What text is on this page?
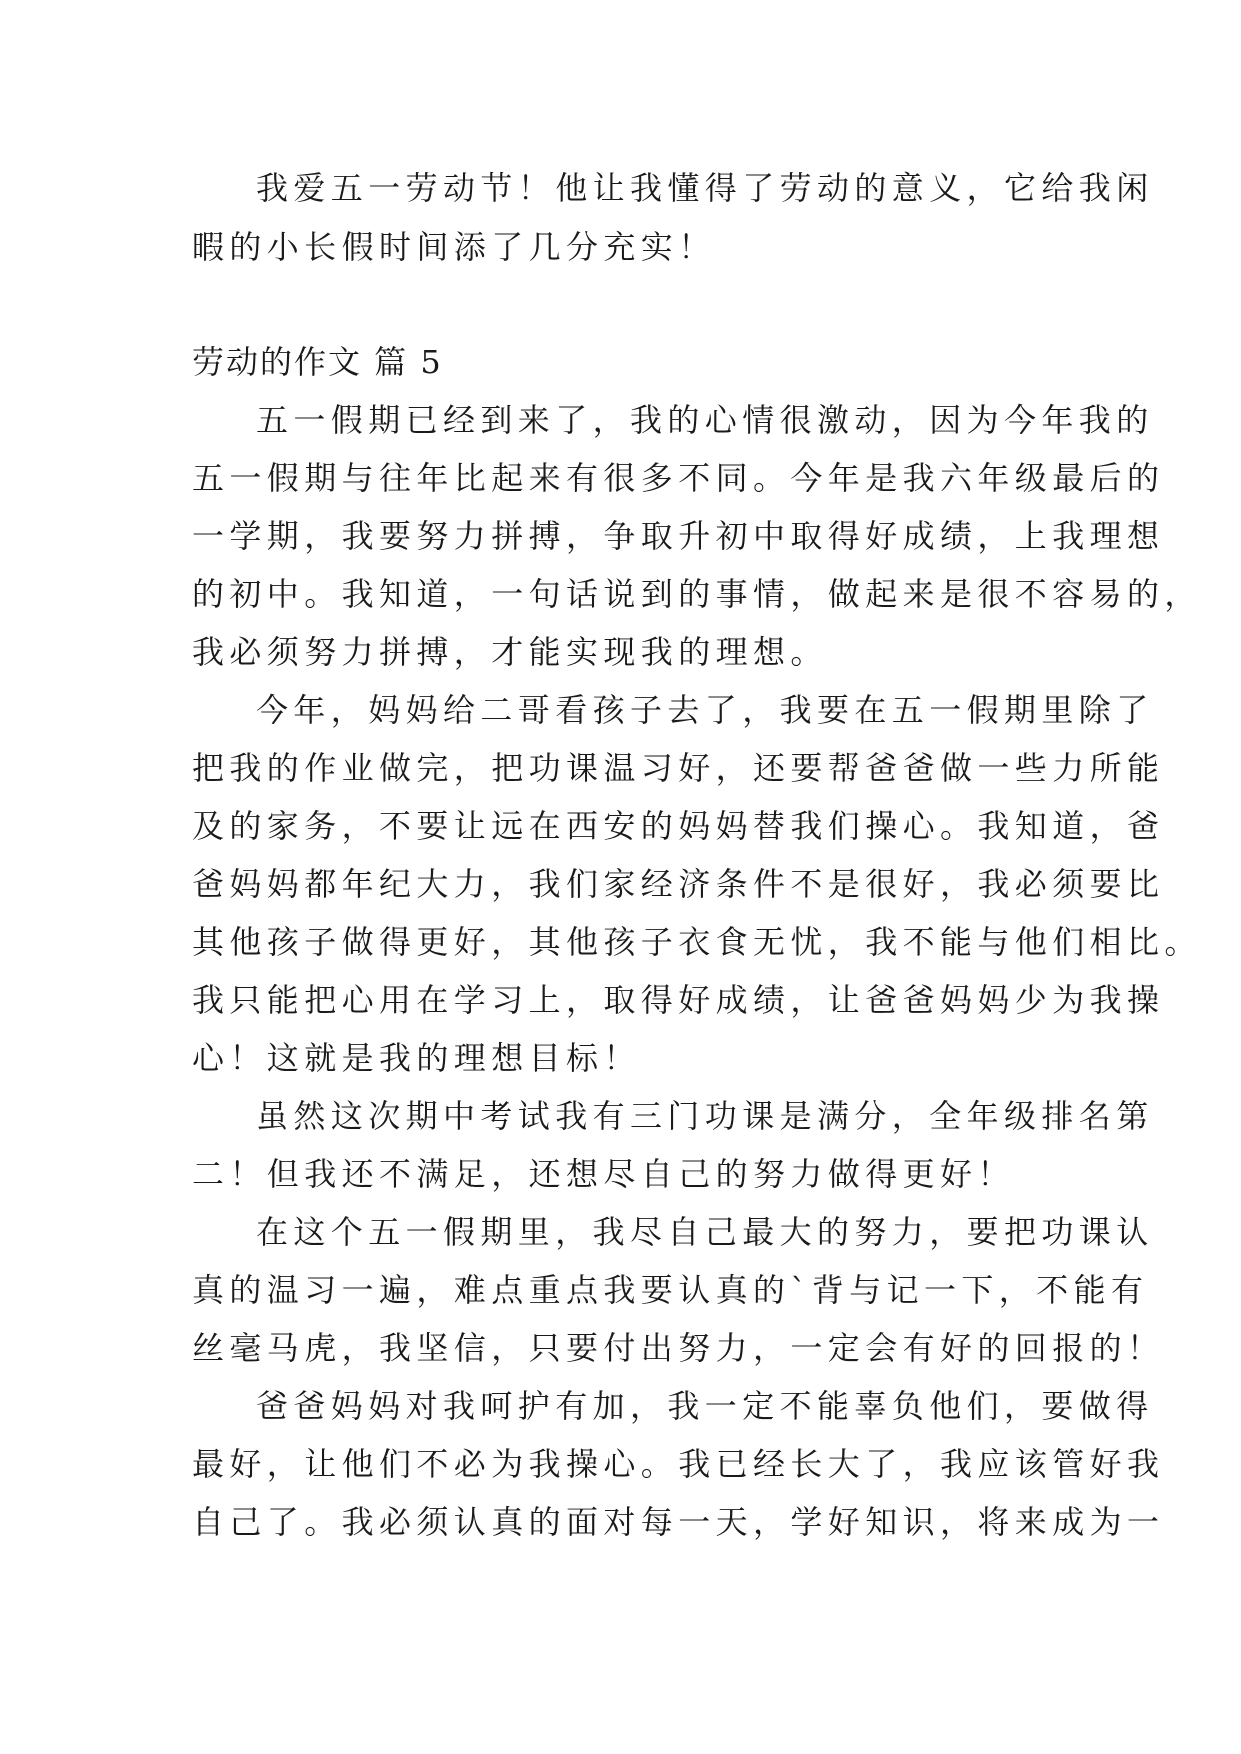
我爱五一劳动节！他让我懂得了劳动的意义，它给我闲
暇的小长假时间添了几分充实！
劳动的作文 篇 5
五一假期已经到来了，我的心情很激动，因为今年我的
五一假期与往年比起来有很多不同。今年是我六年级最后的
一学期，我要努力拼搏，争取升初中取得好成绩，上我理想
的初中。我知道，一句话说到的事情，做起来是很不容易的，
我必须努力拼搏，才能实现我的理想。
今年，妈妈给二哥看孩子去了，我要在五一假期里除了
把我的作业做完，把功课温习好，还要帮爸爸做一些力所能
及的家务，不要让远在西安的妈妈替我们操心。我知道，爸
爸妈妈都年纪大力，我们家经济条件不是很好，我必须要比
其他孩子做得更好，其他孩子衣食无忧，我不能与他们相比。
我只能把心用在学习上，取得好成绩，让爸爸妈妈少为我操
心！这就是我的理想目标！
虽然这次期中考试我有三门功课是满分，全年级排名第
二！但我还不满足，还想尽自己的努力做得更好！
在这个五一假期里，我尽自己最大的努力，要把功课认
真的温习一遍，难点重点我要认真的`背与记一下，不能有
丝毫马虎，我坚信，只要付出努力，一定会有好的回报的！
爸爸妈妈对我呵护有加，我一定不能辜负他们，要做得
最好，让他们不必为我操心。我已经长大了，我应该管好我
自己了。我必须认真的面对每一天，学好知识，将来成为一
